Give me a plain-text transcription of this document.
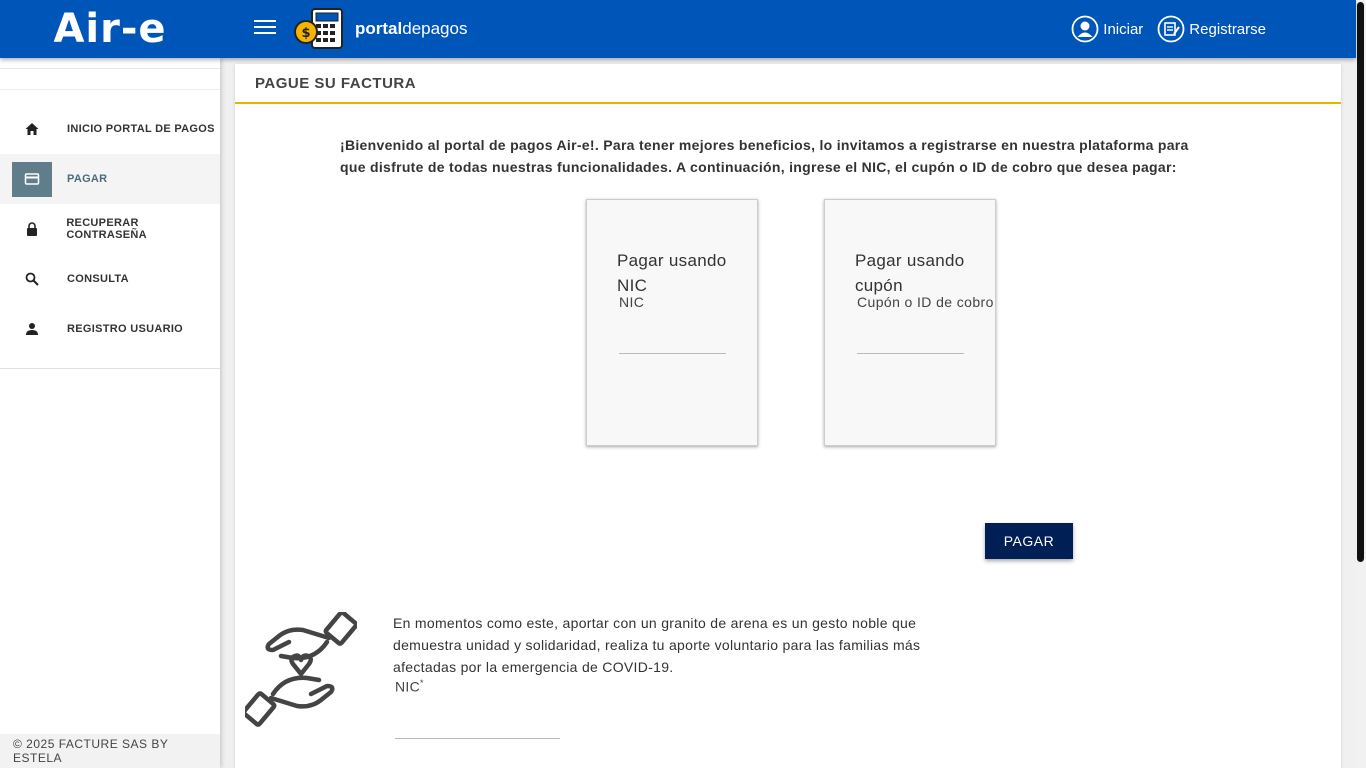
Air-e	$	portaldepagos	Iniciar	Registrarse
INICIO PORTAL DE PAGOS
PAGAR
RECUPERAR CONTRASEÑA
CONSULTA
REGISTRO USUARIO
© 2025 FACTURE SAS BY ESTELA
PAGUE SU FACTURA

¡Bienvenido al portal de pagos Air-e!. Para tener mejores beneficios, lo invitamos a registrarse en nuestra plataforma para que disfrute de todas nuestras funcionalidades. A continuación, ingrese el NIC, el cupón o ID de cobro que desea pagar:

Pagar usando NIC
NIC
Pagar usando cupón
Cupón o ID de cobro
PAGAR

En momentos como este, aportar con un granito de arena es un gesto noble que demuestra unidad y solidaridad, realiza tu aporte voluntario para las familias más afectadas por la emergencia de COVID-19.

NIC*
